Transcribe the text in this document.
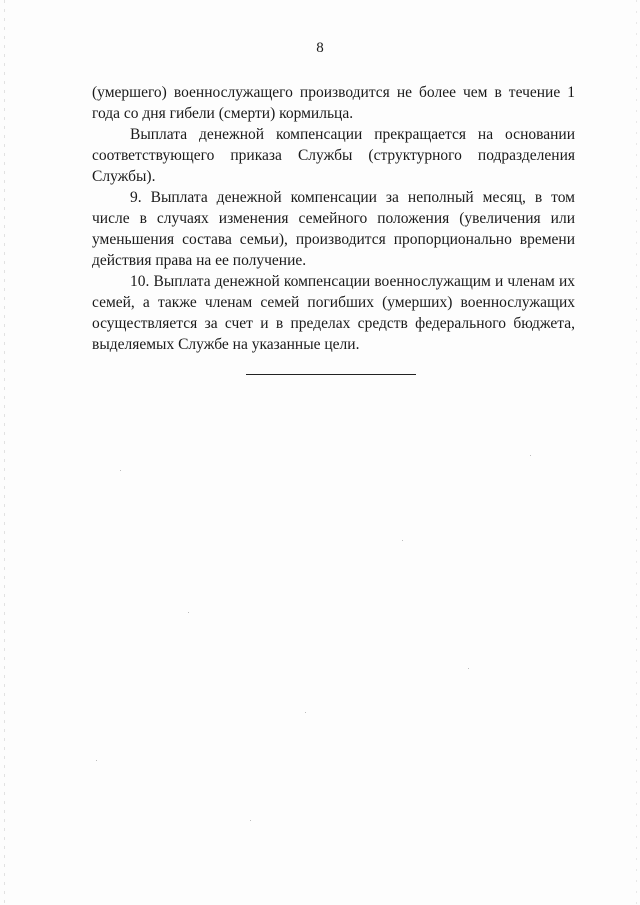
8

(умершего) военнослужащего производится не более чем в течение 1 года со дня гибели (смерти) кормильца.

Выплата денежной компенсации прекращается на основании соответствующего приказа Службы (структурного подразделения Службы).

9. Выплата денежной компенсации за неполный месяц, в том числе в случаях изменения семейного положения (увеличения или уменьшения состава семьи), производится пропорционально времени действия права на ее получение.

10. Выплата денежной компенсации военнослужащим и членам их семей, а также членам семей погибших (умерших) военнослужащих осуществляется за счет и в пределах средств федерального бюджета, выделяемых Службе на указанные цели.
